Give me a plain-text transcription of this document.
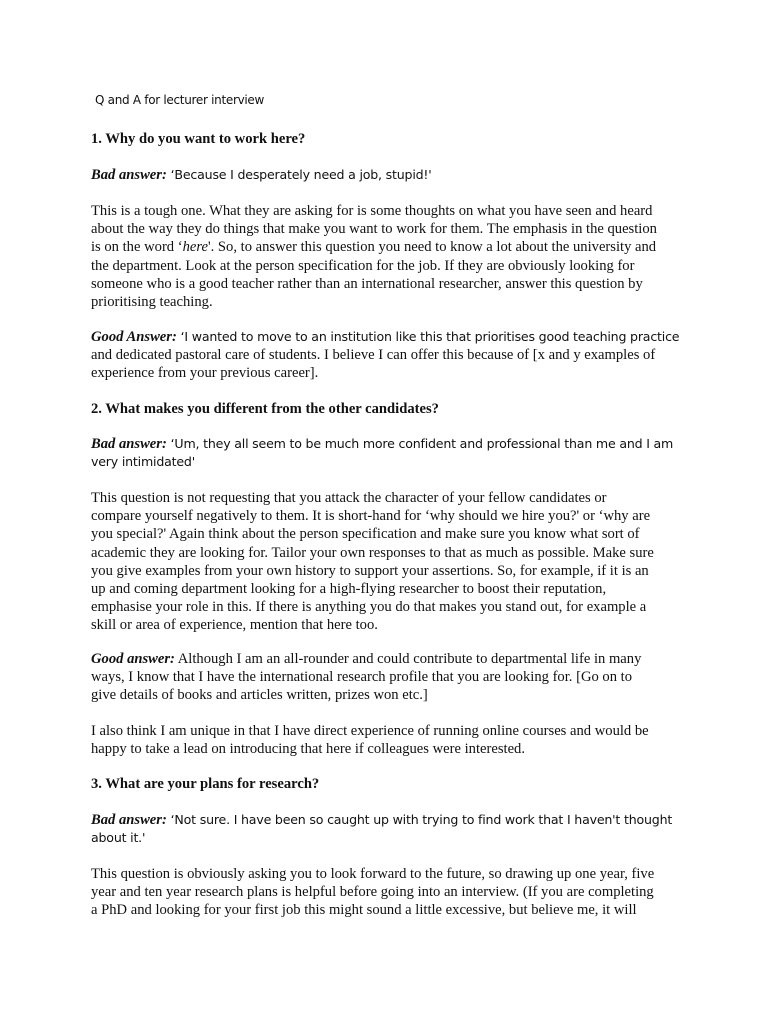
Q and A for lecturer interview
1. Why do you want to work here?
Bad answer: ‘Because I desperately need a job, stupid!'
This is a tough one. What they are asking for is some thoughts on what you have seen and heard
about the way they do things that make you want to work for them. The emphasis in the question
is on the word ‘here'. So, to answer this question you need to know a lot about the university and
the department. Look at the person specification for the job. If they are obviously looking for
someone who is a good teacher rather than an international researcher, answer this question by
prioritising teaching.
Good Answer: ‘I wanted to move to an institution like this that prioritises good teaching practice
and dedicated pastoral care of students. I believe I can offer this because of [x and y examples of
experience from your previous career].
2. What makes you different from the other candidates?
Bad answer: ‘Um, they all seem to be much more confident and professional than me and I am
very intimidated'
This question is not requesting that you attack the character of your fellow candidates or
compare yourself negatively to them. It is short-hand for ‘why should we hire you?' or ‘why are
you special?' Again think about the person specification and make sure you know what sort of
academic they are looking for. Tailor your own responses to that as much as possible. Make sure
you give examples from your own history to support your assertions. So, for example, if it is an
up and coming department looking for a high-flying researcher to boost their reputation,
emphasise your role in this. If there is anything you do that makes you stand out, for example a
skill or area of experience, mention that here too.
Good answer: Although I am an all-rounder and could contribute to departmental life in many
ways, I know that I have the international research profile that you are looking for. [Go on to
give details of books and articles written, prizes won etc.]
I also think I am unique in that I have direct experience of running online courses and would be
happy to take a lead on introducing that here if colleagues were interested.
3. What are your plans for research?
Bad answer: ‘Not sure. I have been so caught up with trying to find work that I haven't thought
about it.'
This question is obviously asking you to look forward to the future, so drawing up one year, five
year and ten year research plans is helpful before going into an interview. (If you are completing
a PhD and looking for your first job this might sound a little excessive, but believe me, it will
